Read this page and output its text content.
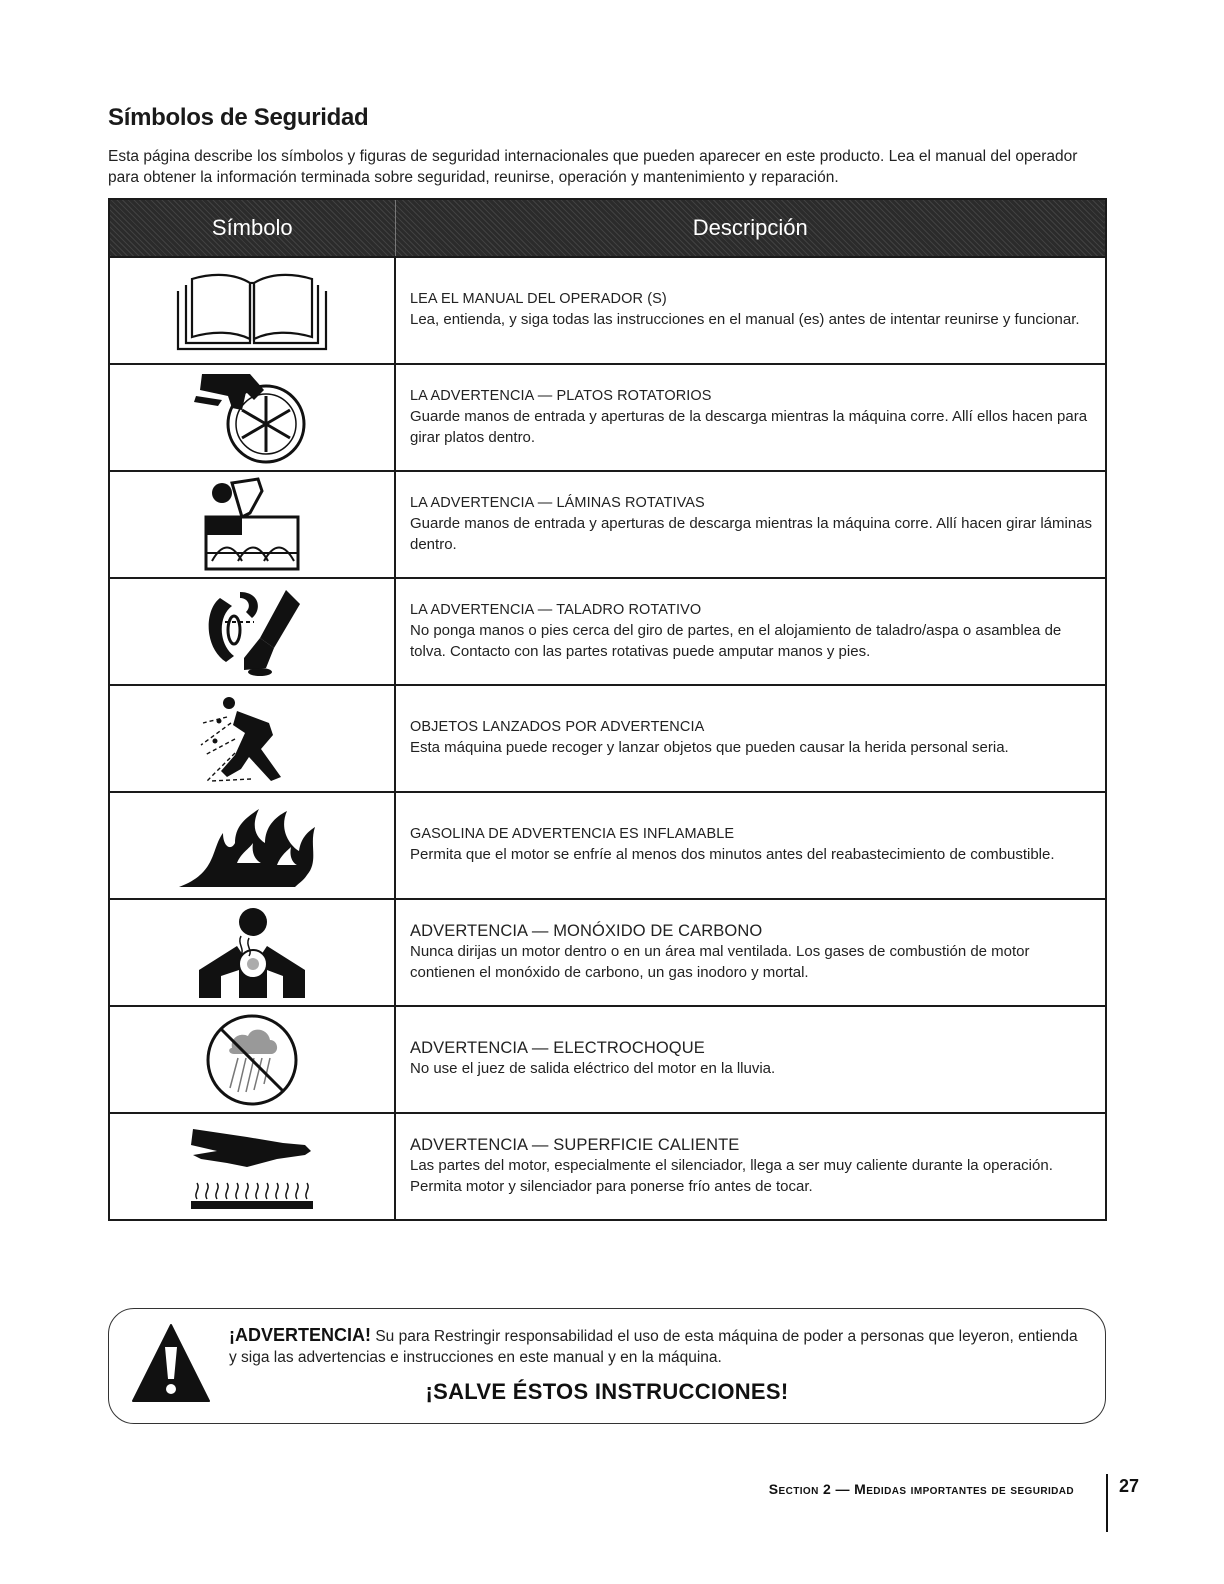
Símbolos de Seguridad
Esta página describe los símbolos y figuras de seguridad internacionales que pueden aparecer en este producto. Lea el manual del operador para obtener la información terminada sobre seguridad, reunirse, operación y mantenimiento y reparación.
Símbolo	Descripción

LEA EL MANUAL DEL OPERADOR (S)
Lea, entienda, y siga todas las instrucciones en el manual (es) antes de intentar reunirse y funcionar.

LA ADVERTENCIA — PLATOS ROTATORIOS
Guarde manos de entrada y aperturas de la descarga mientras la máquina corre. Allí ellos hacen para girar platos dentro.

LA ADVERTENCIA — LÁMINAS ROTATIVAS
Guarde manos de entrada y aperturas de descarga mientras la máquina corre. Allí hacen girar láminas dentro.

LA ADVERTENCIA — TALADRO ROTATIVO
No ponga manos o pies cerca del giro de partes, en el alojamiento de taladro/aspa o asamblea de tolva. Contacto con las partes rotativas puede amputar manos y pies.

OBJETOS LANZADOS POR ADVERTENCIA
Esta máquina puede recoger y lanzar objetos que pueden causar la herida personal seria.

GASOLINA DE ADVERTENCIA ES INFLAMABLE
Permita que el motor se enfríe al menos dos minutos antes del reabastecimiento de combustible.

ADVERTENCIA — MONÓXIDO DE CARBONO
Nunca dirijas un motor dentro o en un área mal ventilada. Los gases de combustión de motor contienen el monóxido de carbono, un gas inodoro y mortal.

ADVERTENCIA — ELECTROCHOQUE
No use el juez de salida eléctrico del motor en la lluvia.

ADVERTENCIA — SUPERFICIE CALIENTE
Las partes del motor, especialmente el silenciador, llega a ser muy caliente durante la operación. Permita motor y silenciador para ponerse frío antes de tocar.
¡ADVERTENCIA! Su para Restringir responsabilidad el uso de esta máquina de poder a personas que leyeron, entienda y siga las advertencias e instrucciones en este manual y en la máquina.
¡SALVE ÉSTOS INSTRUCCIONES!
Section 2 — Medidas importantes de seguridad	27
